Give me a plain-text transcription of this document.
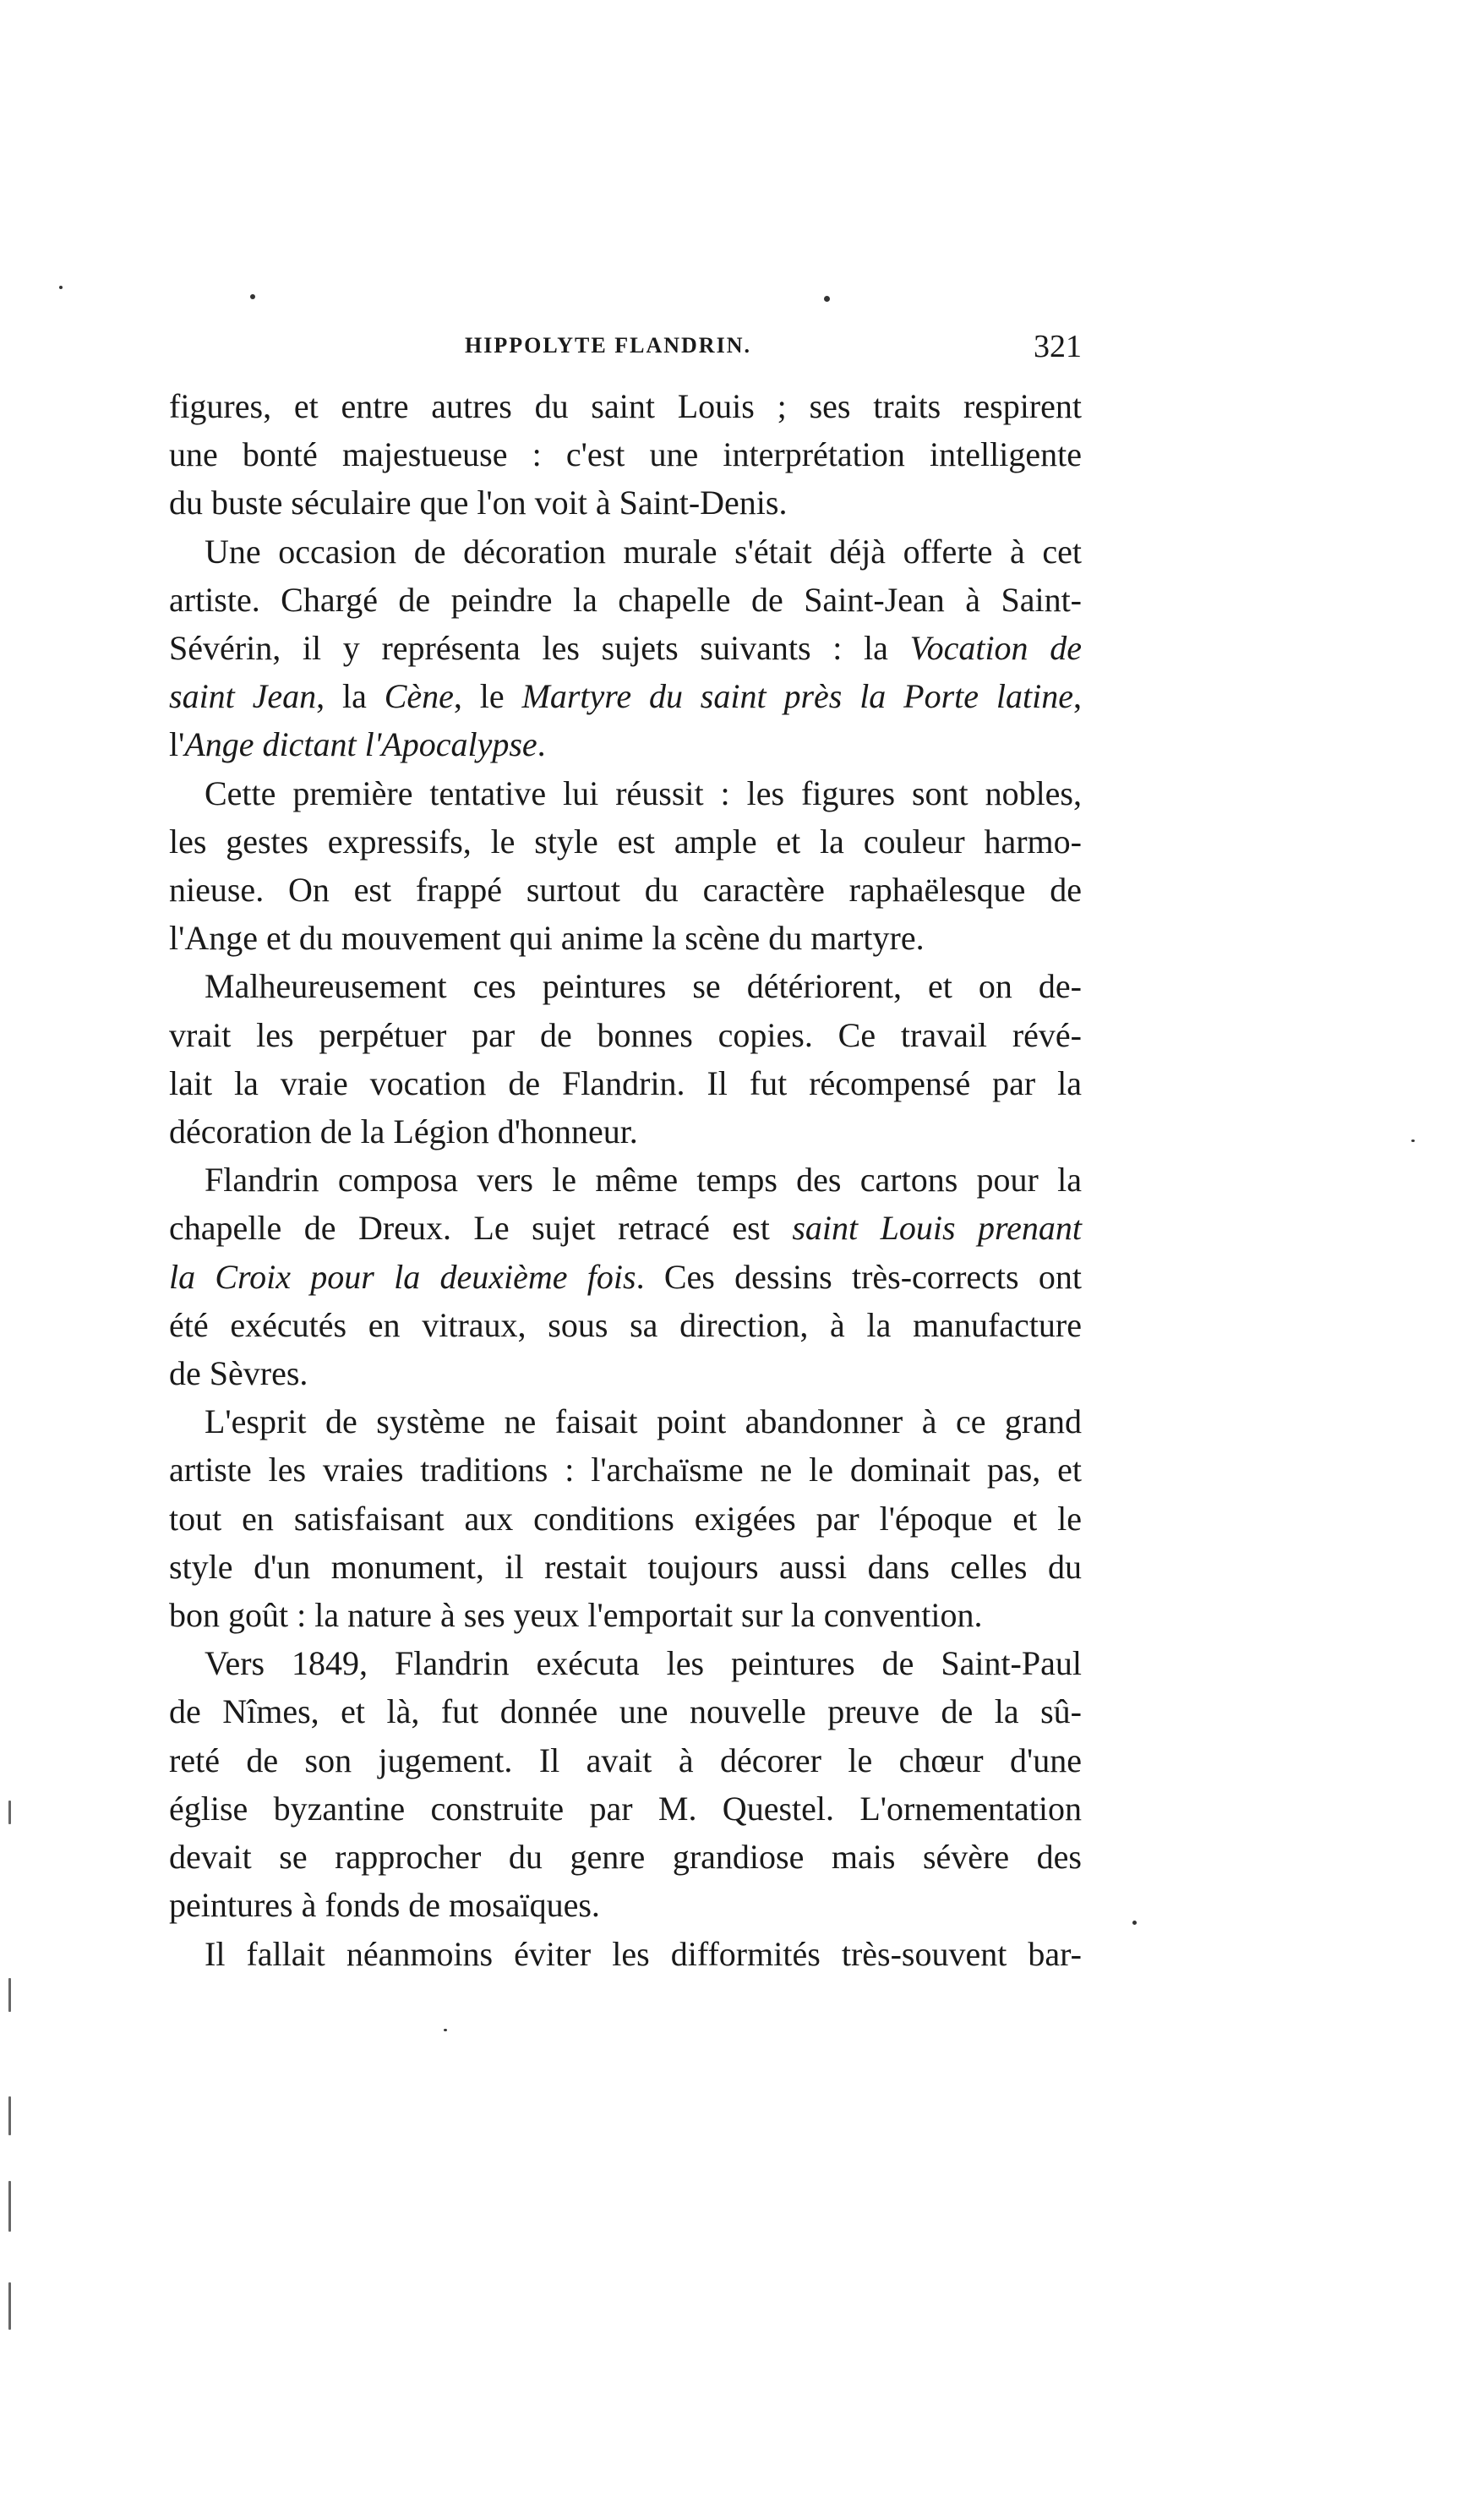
HIPPOLYTE FLANDRIN.	321
figures, et entre autres du saint Louis ; ses traits respirent
une bonté majestueuse : c'est une interprétation intelligente
du buste séculaire que l'on voit à Saint-Denis.
Une occasion de décoration murale s'était déjà offerte à cet
artiste. Chargé de peindre la chapelle de Saint-Jean à Saint-
Sévérin, il y représenta les sujets suivants : la Vocation de
saint Jean, la Cène, le Martyre du saint près la Porte latine,
l'Ange dictant l'Apocalypse.
Cette première tentative lui réussit : les figures sont nobles,
les gestes expressifs, le style est ample et la couleur harmo-
nieuse. On est frappé surtout du caractère raphaëlesque de
l'Ange et du mouvement qui anime la scène du martyre.
Malheureusement ces peintures se détériorent, et on de-
vrait les perpétuer par de bonnes copies. Ce travail révé-
lait la vraie vocation de Flandrin. Il fut récompensé par la
décoration de la Légion d'honneur.
Flandrin composa vers le même temps des cartons pour la
chapelle de Dreux. Le sujet retracé est saint Louis prenant
la Croix pour la deuxième fois. Ces dessins très-corrects ont
été exécutés en vitraux, sous sa direction, à la manufacture
de Sèvres.
L'esprit de système ne faisait point abandonner à ce grand
artiste les vraies traditions : l'archaïsme ne le dominait pas, et
tout en satisfaisant aux conditions exigées par l'époque et le
style d'un monument, il restait toujours aussi dans celles du
bon goût : la nature à ses yeux l'emportait sur la convention.
Vers 1849, Flandrin exécuta les peintures de Saint-Paul
de Nîmes, et là, fut donnée une nouvelle preuve de la sû-
reté de son jugement. Il avait à décorer le chœur d'une
église byzantine construite par M. Questel. L'ornementation
devait se rapprocher du genre grandiose mais sévère des
peintures à fonds de mosaïques.
Il fallait néanmoins éviter les difformités très-souvent bar-
